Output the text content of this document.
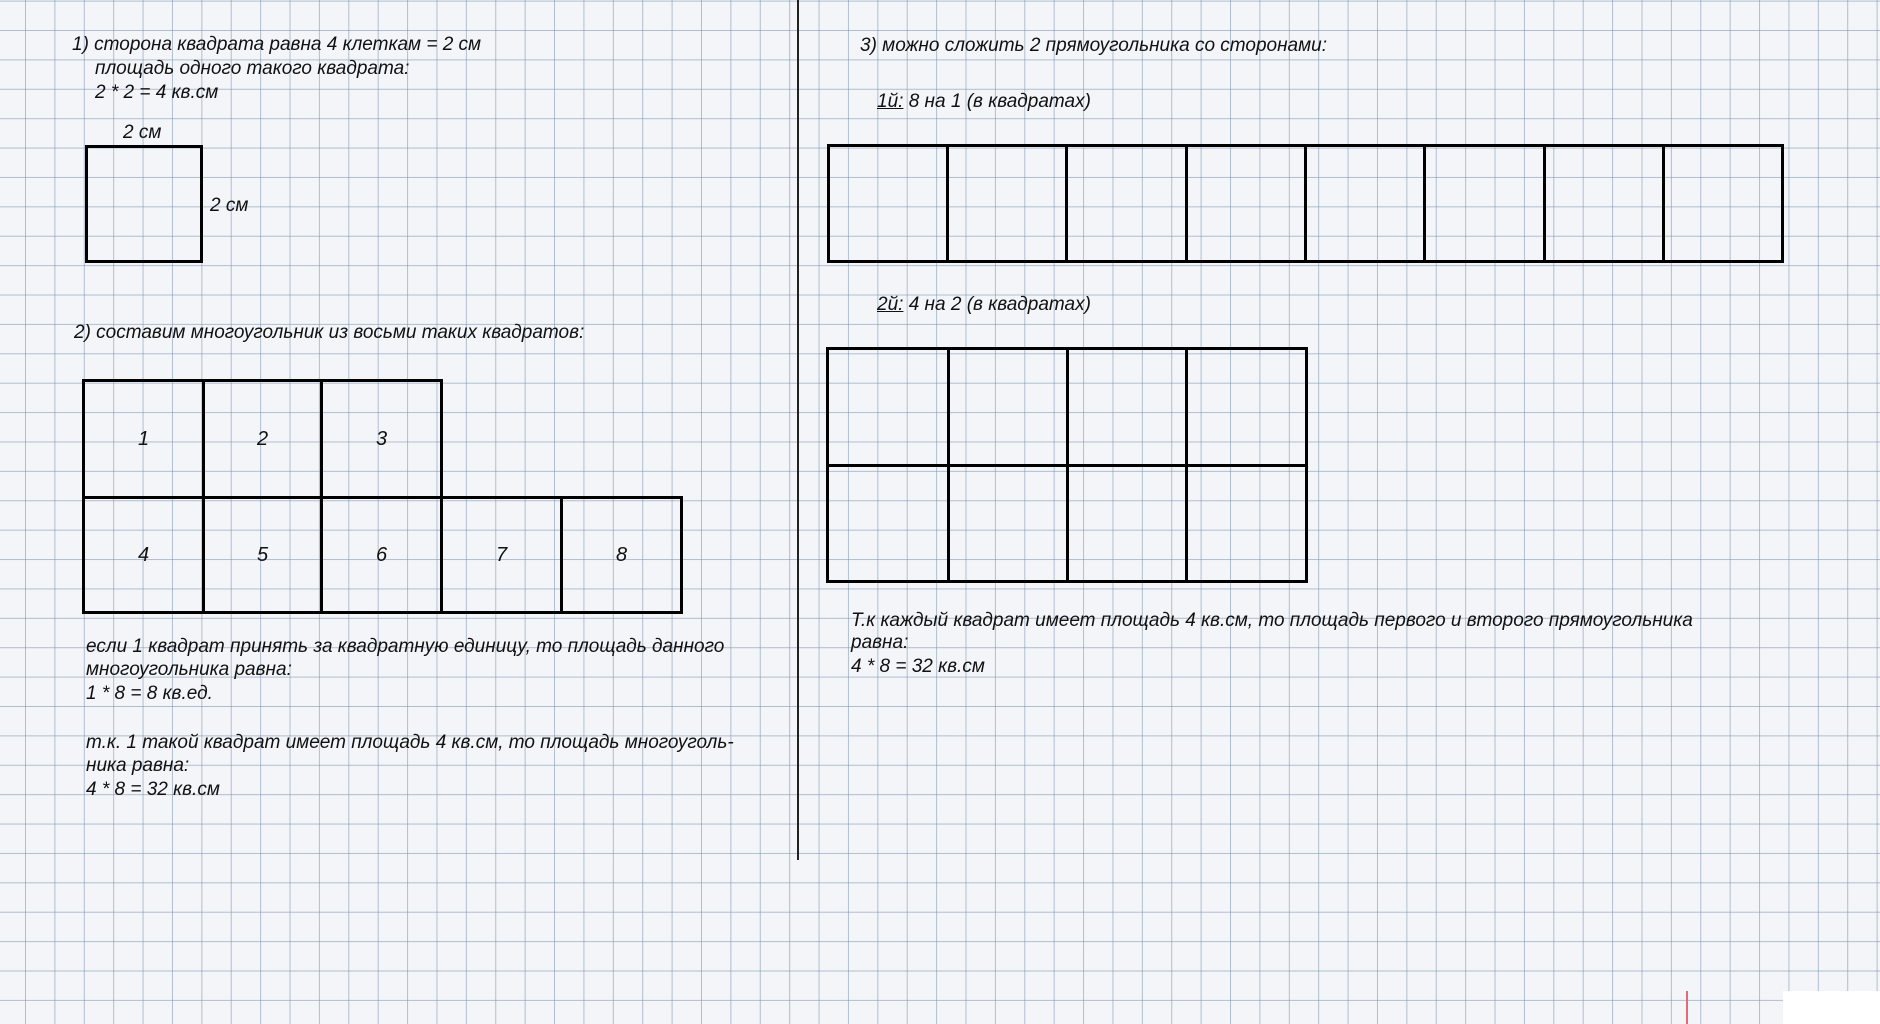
1) сторона квадрата равна 4 клеткам = 2 см
площадь одного такого квадрата:
2 * 2 = 4 кв.см
2 см
2 см
2) составим многоугольник из восьми таких квадратов:
1	2	3
4	5	6	7	8
если 1 квадрат принять за квадратную единицу, то площадь данного
многоугольника равна:
1 * 8 = 8 кв.ед.
т.к. 1 такой квадрат имеет площадь 4 кв.см, то площадь многоуголь-
ника равна:
4 * 8 = 32 кв.см
3) можно сложить 2 прямоугольника со сторонами:
1й: 8 на 1 (в квадратах)
2й: 4 на 2 (в квадратах)
Т.к каждый квадрат имеет площадь 4 кв.см, то площадь первого и второго прямоугольника
равна:
4 * 8 = 32 кв.см
